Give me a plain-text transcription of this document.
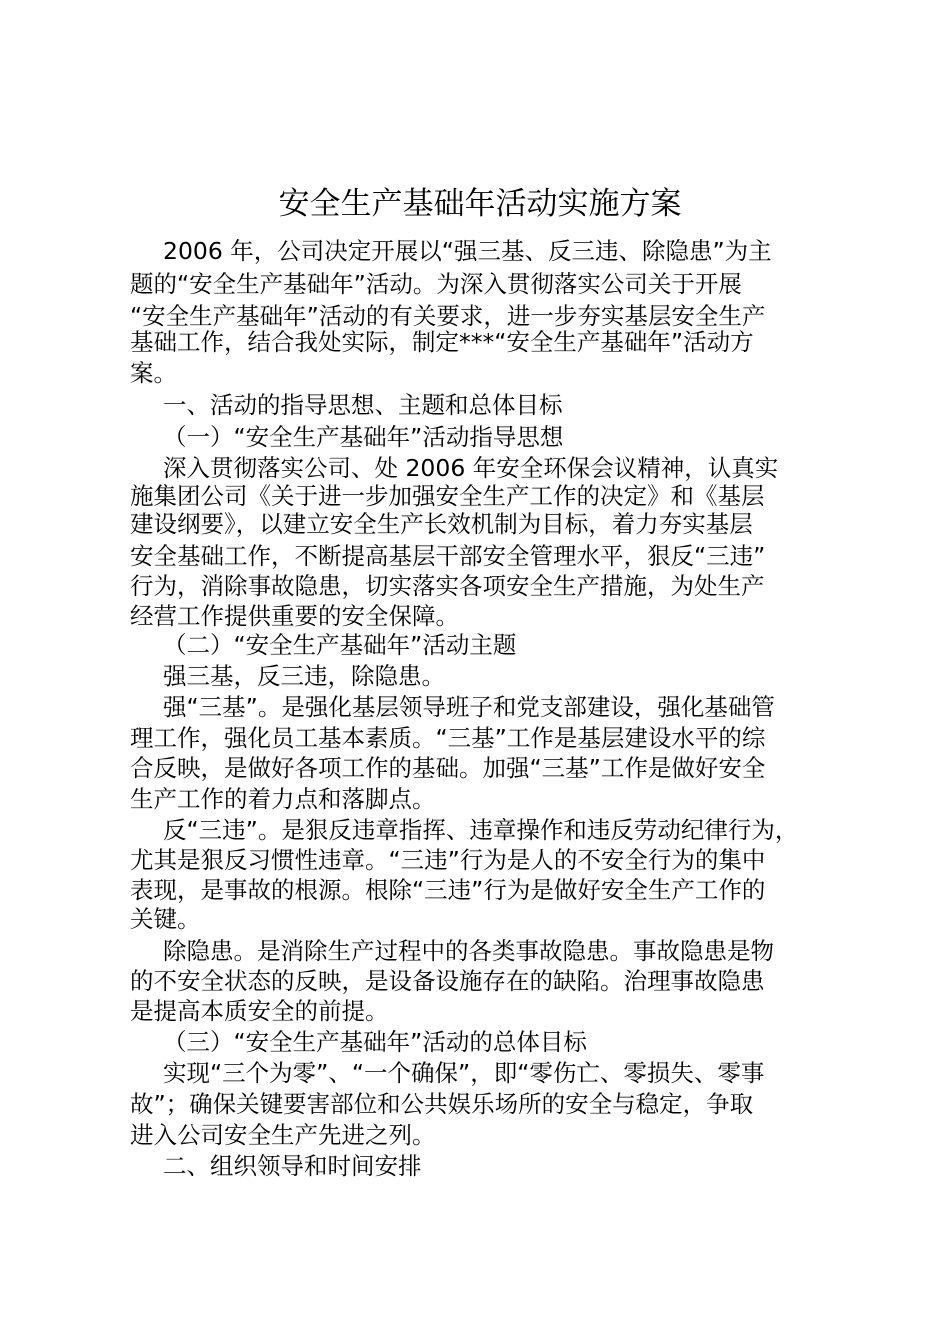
安全生产基础年活动实施方案
2006 年，公司决定开展以“强三基、反三违、除隐患”为主
题的“安全生产基础年”活动。为深入贯彻落实公司关于开展
“安全生产基础年”活动的有关要求，进一步夯实基层安全生产
基础工作，结合我处实际，制定***“安全生产基础年”活动方
案。
一、活动的指导思想、主题和总体目标
（一）“安全生产基础年”活动指导思想
深入贯彻落实公司、处 2006 年安全环保会议精神，认真实
施集团公司《关于进一步加强安全生产工作的决定》和《基层
建设纲要》，以建立安全生产长效机制为目标，着力夯实基层
安全基础工作，不断提高基层干部安全管理水平，狠反“三违”
行为，消除事故隐患，切实落实各项安全生产措施，为处生产
经营工作提供重要的安全保障。
（二）“安全生产基础年”活动主题
强三基，反三违，除隐患。
强“三基”。是强化基层领导班子和党支部建设，强化基础管
理工作，强化员工基本素质。“三基”工作是基层建设水平的综
合反映，是做好各项工作的基础。加强“三基”工作是做好安全
生产工作的着力点和落脚点。
反“三违”。是狠反违章指挥、违章操作和违反劳动纪律行为，
尤其是狠反习惯性违章。“三违”行为是人的不安全行为的集中
表现，是事故的根源。根除“三违”行为是做好安全生产工作的
关键。
除隐患。是消除生产过程中的各类事故隐患。事故隐患是物
的不安全状态的反映，是设备设施存在的缺陷。治理事故隐患
是提高本质安全的前提。
（三）“安全生产基础年”活动的总体目标
实现“三个为零”、“一个确保”，即“零伤亡、零损失、零事
故”；确保关键要害部位和公共娱乐场所的安全与稳定，争取
进入公司安全生产先进之列。
二、组织领导和时间安排
